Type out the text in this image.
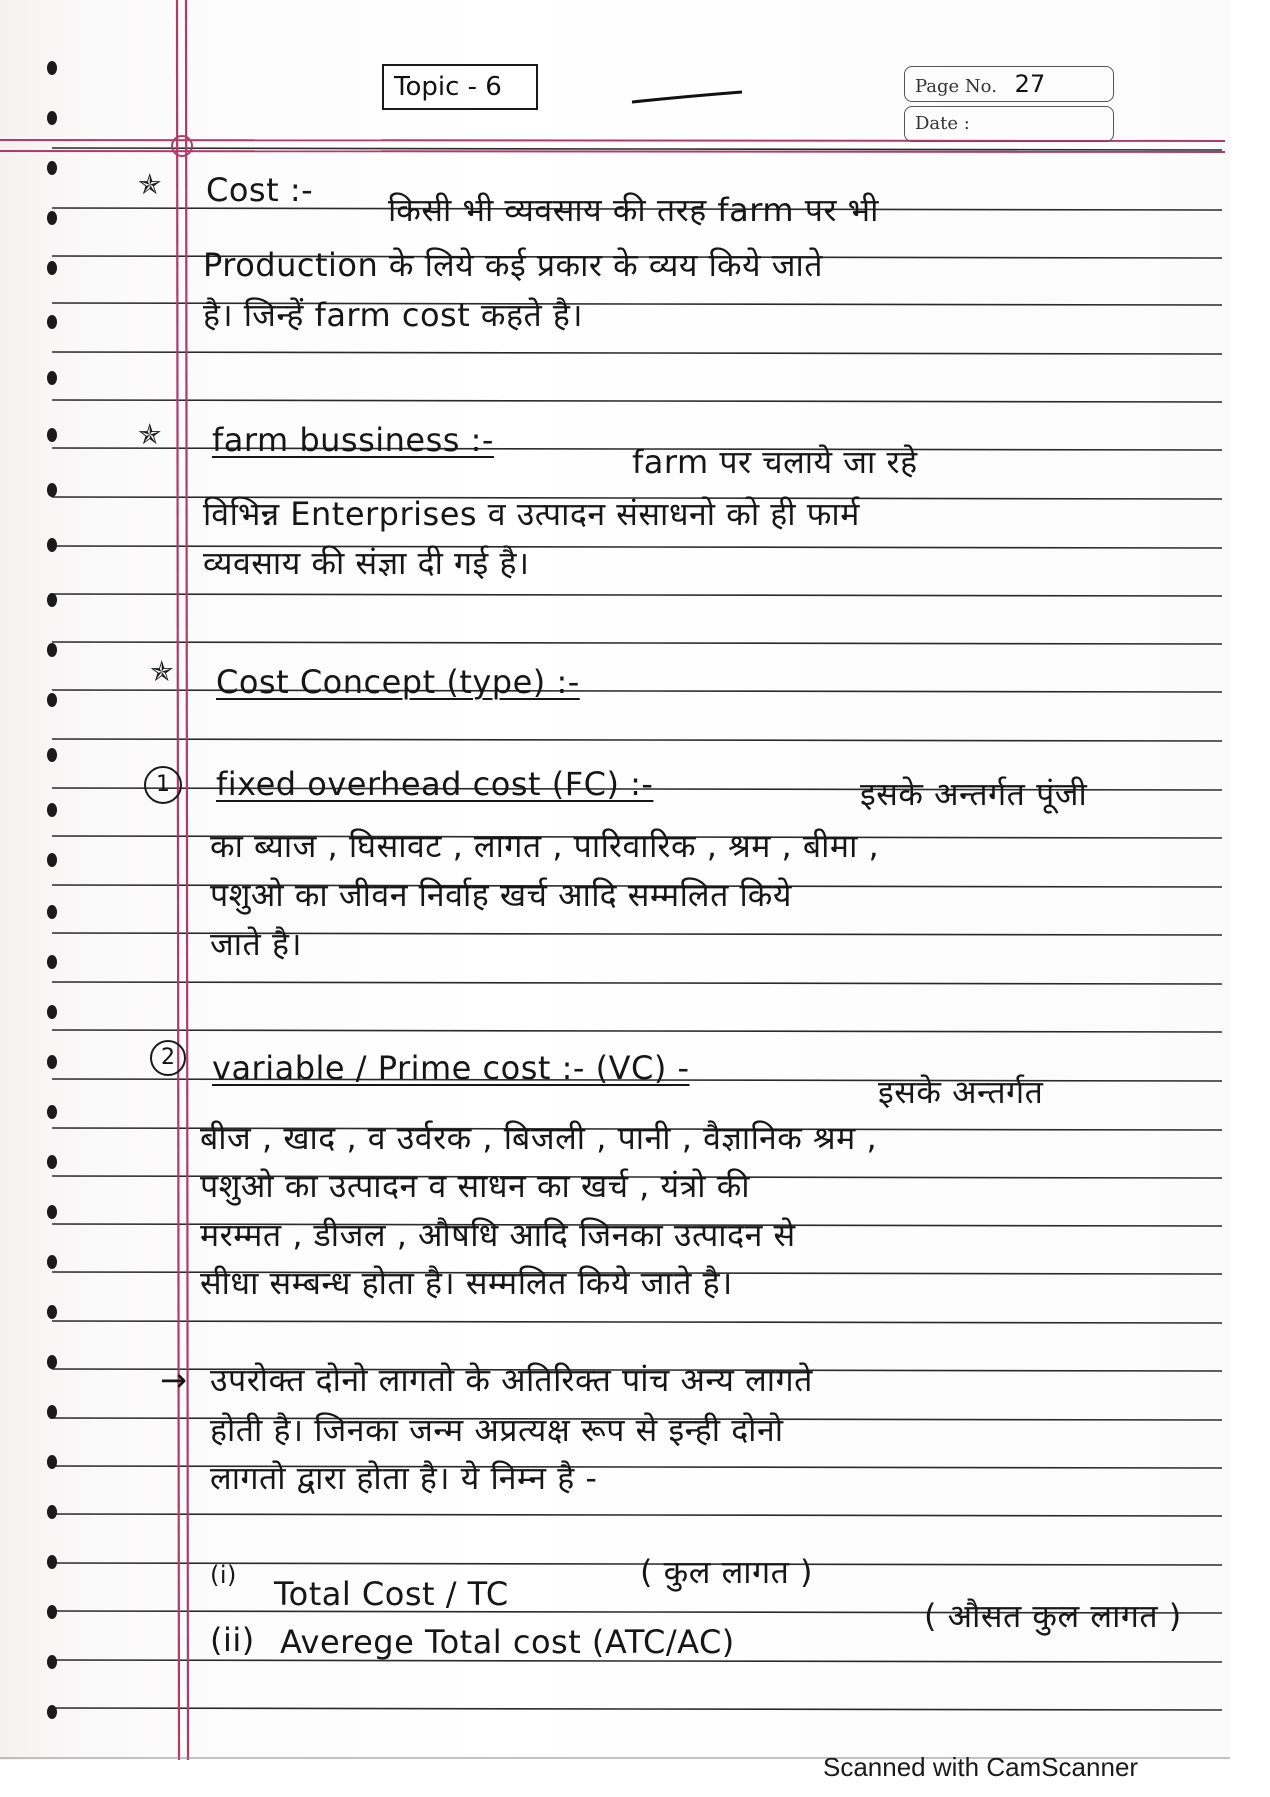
Topic - 6	Page No. 27
Date :
✯ Cost :-
किसी भी व्यवसाय की तरह farm पर भी
Production के लिये कई प्रकार के व्यय किये जाते
है। जिन्हें farm cost कहते है।
✯ farm bussiness :-
farm पर चलाये जा रहे
विभिन्न Enterprises व उत्पादन संसाधनो को ही फार्म
व्यवसाय की संज्ञा दी गई है।
✯ Cost Concept (type) :-
1	fixed overhead cost (FC) :-	इसके अन्तर्गत पूंजी
का ब्याज , घिसावट , लागत , पारिवारिक , श्रम , बीमा ,
पशुओ का जीवन निर्वाह खर्च आदि सम्मलित किये
जाते है।
2	variable / Prime cost :- (VC) -
इसके अन्तर्गत
बीज , खाद , व उर्वरक , बिजली , पानी , वैज्ञानिक श्रम ,
पशुओ का उत्पादन व साधन का खर्च , यंत्रो की
मरम्मत , डीजल , औषधि आदि जिनका उत्पादन से
सीधा सम्बन्ध होता है। सम्मलित किये जाते है।
→ उपरोक्त दोनो लागतो के अतिरिक्त पांच अन्य लागते
होती है। जिनका जन्म अप्रत्यक्ष रूप से इन्ही दोनो
लागतो द्वारा होता है। ये निम्न है -
(i) Total Cost / TC
( कुल लागत )
(ii) Averege Total cost (ATC/AC)
( औसत कुल लागत )
Scanned with CamScanner
